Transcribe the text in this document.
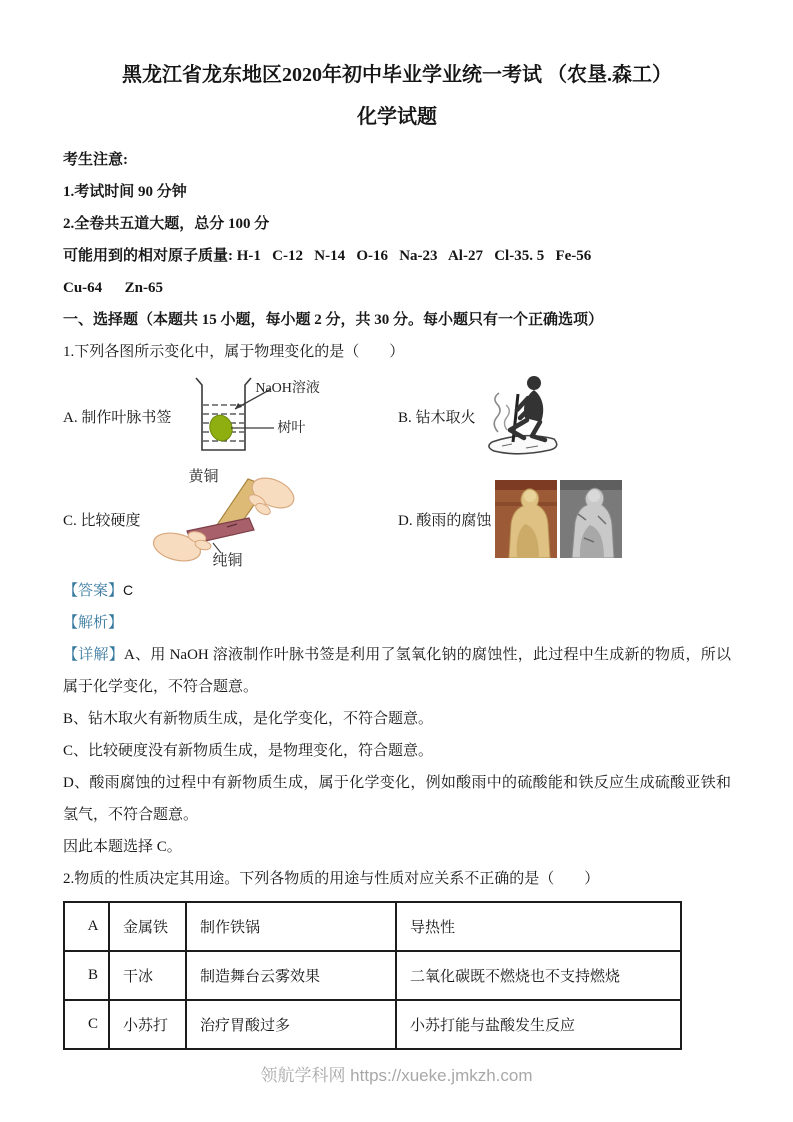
黑龙江省龙东地区2020年初中毕业学业统一考试 （农垦.森工）

化学试题

考生注意:

1.考试时间 90 分钟

2.全卷共五道大题，总分 100 分

可能用到的相对原子质量: H-1   C-12   N-14   O-16   Na-23   Al-27   Cl-35. 5   Fe-56

Cu-64      Zn-65

一、选择题（本题共 15 小题，每小题 2 分，共 30 分。每小题只有一个正确选项）

1.下列各图所示变化中，属于物理变化的是（　　）

A. 制作叶脉书签
NaOH溶液
树叶
B. 钻木取火
C. 比较硬度
黄铜
纯铜
D. 酸雨的腐蚀

【答案】C

【解析】

【详解】A、用 NaOH 溶液制作叶脉书签是利用了氢氧化钠的腐蚀性，此过程中生成新的物质，所以属于化学变化，不符合题意。

B、钻木取火有新物质生成，是化学变化，不符合题意。

C、比较硬度没有新物质生成，是物理变化，符合题意。

D、酸雨腐蚀的过程中有新物质生成，属于化学变化，例如酸雨中的硫酸能和铁反应生成硫酸亚铁和氢气，不符合题意。

因此本题选择 C。

2.物质的性质决定其用途。下列各物质的用途与性质对应关系不正确的是（　　）

A	金属铁	制作铁锅	导热性
B	干冰	制造舞台云雾效果	二氧化碳既不燃烧也不支持燃烧
C	小苏打	治疗胃酸过多	小苏打能与盐酸发生反应
领航学科网 https://xueke.jmkzh.com
